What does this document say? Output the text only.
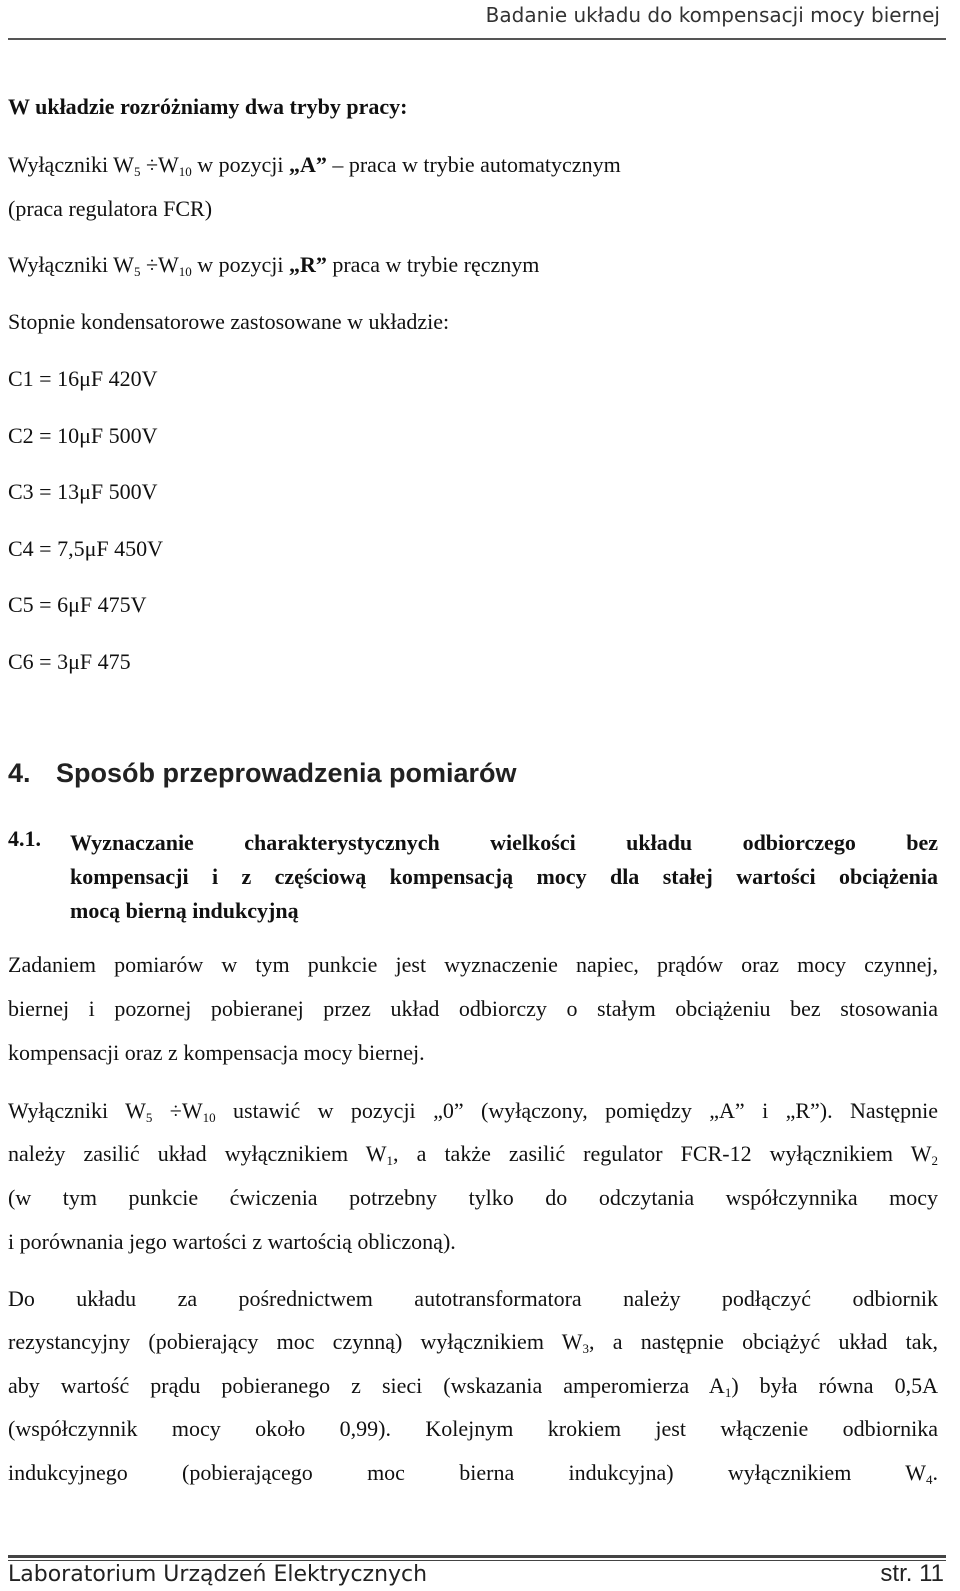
Badanie układu do kompensacji mocy biernej
W układzie rozróżniamy dwa tryby pracy:
Wyłączniki $W_5 \div W_{10}$ w pozycji „A” – praca w trybie automatycznym
(praca regulatora FCR)
Wyłączniki $W_5 \div W_{10}$ w pozycji „R” praca w trybie ręcznym
Stopnie kondensatorowe zastosowane w układzie:
C1 = 16μF 420V
C2 = 10μF 500V
C3 = 13μF 500V
C4 = 7,5μF 450V
C5 = 6μF 475V
C6 = 3μF 475
4. Sposób przeprowadzenia pomiarów
4.1. Wyznaczanie charakterystycznych wielkości układu odbiorczego bez
kompensacji i z częściową kompensacją mocy dla stałej wartości obciążenia
mocą bierną indukcyjną
Zadaniem pomiarów w tym punkcie jest wyznaczenie napiec, prądów oraz mocy czynnej,
biernej i pozornej pobieranej przez układ odbiorczy o stałym obciążeniu bez stosowania
kompensacji oraz z kompensacja mocy biernej.
Wyłączniki $W_5 \div W_{10}$ ustawić w pozycji „0” (wyłączony, pomiędzy „A” i „R”). Następnie
należy zasilić układ wyłącznikiem $W_1$, a także zasilić regulator FCR-12 wyłącznikiem $W_2$
(w tym punkcie ćwiczenia potrzebny tylko do odczytania współczynnika mocy
i porównania jego wartości z wartością obliczoną).
Do układu za pośrednictwem autotransformatora należy podłączyć odbiornik
rezystancyjny (pobierający moc czynną) wyłącznikiem $W_3$, a następnie obciążyć układ tak,
aby wartość prądu pobieranego z sieci (wskazania amperomierza $A_1$) była równa 0,5A
(współczynnik mocy około 0,99). Kolejnym krokiem jest włączenie odbiornika
indukcyjnego (pobierającego moc bierna indukcyjna) wyłącznikiem $W_4$.
Laboratorium Urządzeń Elektrycznych	str. 11
